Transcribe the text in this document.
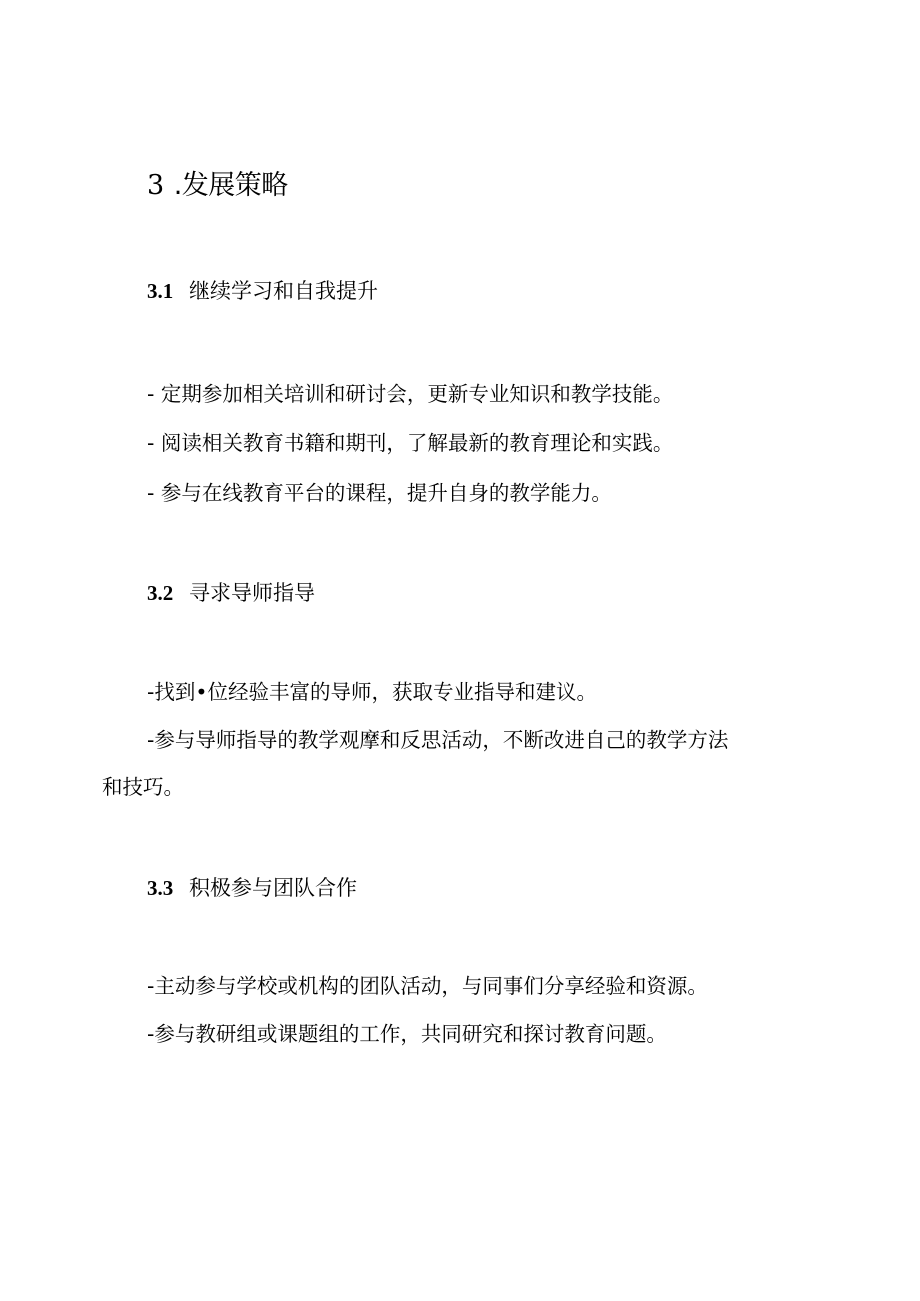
3 .发展策略
3.1 继续学习和自我提升
- 定期参加相关培训和研讨会，更新专业知识和教学技能。
- 阅读相关教育书籍和期刊，了解最新的教育理论和实践。
- 参与在线教育平台的课程，提升自身的教学能力。
3.2 寻求导师指导
-找到•位经验丰富的导师，获取专业指导和建议。
-参与导师指导的教学观摩和反思活动，不断改进自己的教学方法
和技巧。
3.3 积极参与团队合作
-主动参与学校或机构的团队活动，与同事们分享经验和资源。
-参与教研组或课题组的工作，共同研究和探讨教育问题。
